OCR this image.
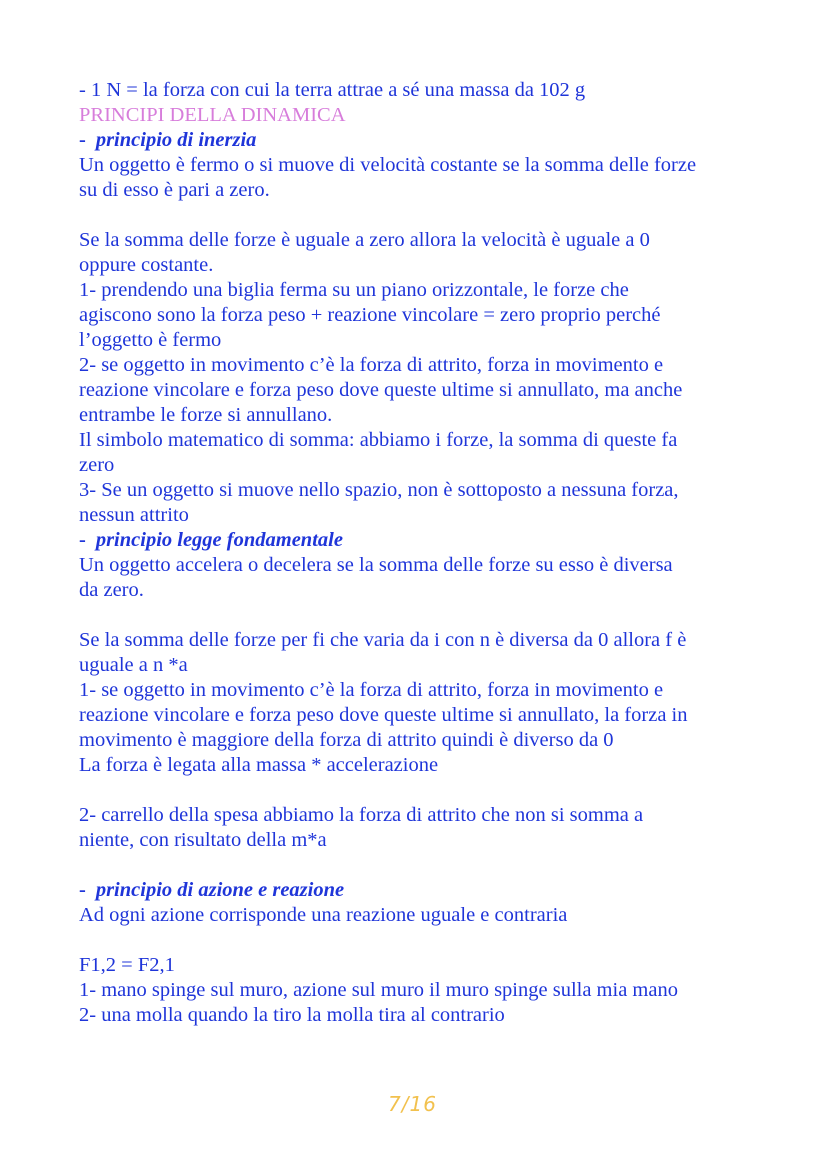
- 1 N = la forza con cui la terra attrae a sé una massa da 102 g
PRINCIPI DELLA DINAMICA
- principio di inerzia
Un oggetto è fermo o si muove di velocità costante se la somma delle forze
su di esso è pari a zero.
Se la somma delle forze è uguale a zero allora la velocità è uguale a 0
oppure costante.
1- prendendo una biglia ferma su un piano orizzontale, le forze che
agiscono sono la forza peso + reazione vincolare = zero proprio perché
l’oggetto è fermo
2- se oggetto in movimento c’è la forza di attrito, forza in movimento e
reazione vincolare e forza peso dove queste ultime si annullato, ma anche
entrambe le forze si annullano.
Il simbolo matematico di somma: abbiamo i forze, la somma di queste fa
zero
3- Se un oggetto si muove nello spazio, non è sottoposto a nessuna forza,
nessun attrito
- principio legge fondamentale
Un oggetto accelera o decelera se la somma delle forze su esso è diversa
da zero.
Se la somma delle forze per fi che varia da i con n è diversa da 0 allora f è
uguale a n *a
1- se oggetto in movimento c’è la forza di attrito, forza in movimento e
reazione vincolare e forza peso dove queste ultime si annullato, la forza in
movimento è maggiore della forza di attrito quindi è diverso da 0
La forza è legata alla massa * accelerazione
2- carrello della spesa abbiamo la forza di attrito che non si somma a
niente, con risultato della m*a
- principio di azione e reazione
Ad ogni azione corrisponde una reazione uguale e contraria
F1,2 = F2,1
1- mano spinge sul muro, azione sul muro il muro spinge sulla mia mano
2- una molla quando la tiro la molla tira al contrario
7/16
